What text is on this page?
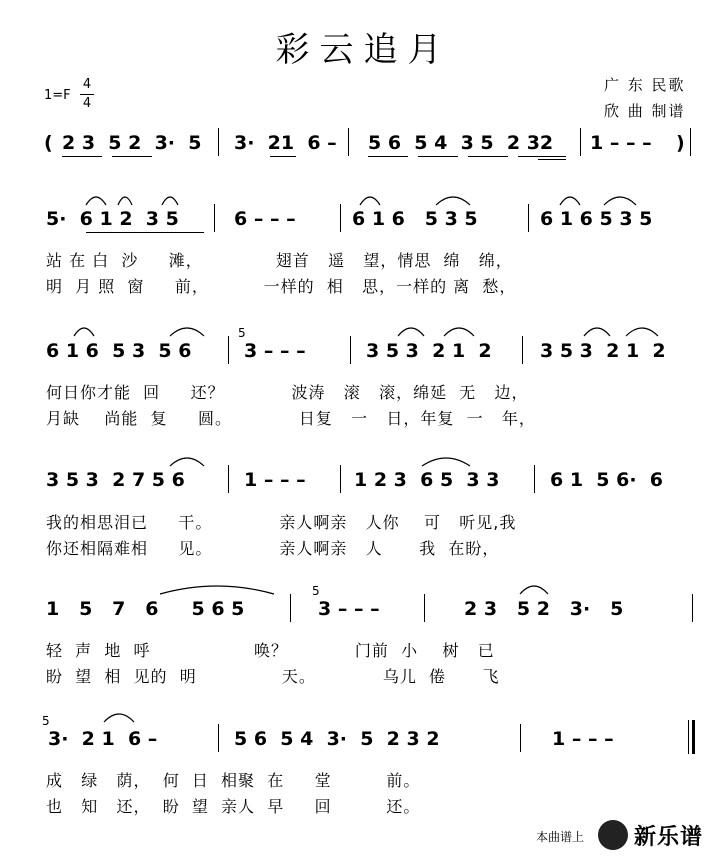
彩云追月
1=F
4
4
广 东 民歌
欣 曲 制谱
( 2 3  5 2  3·  5 3·  21  6 – 5 6  5 4  3 5  2 32 1 – – – )
5·  6 1 2  3 5	6 – – –	6 1 6   5 3 5	6 1 6 5 3 5
站 在 白  沙     滩，            翅首   遥   望，情思  绵   绵，
明  月 照  窗     前，         一样的  相   思，一样的 离  愁，
6 1 6  5 3  5 6
5
3 – – –	3 5 3  2 1  2	3 5 3  2 1  2
何日你才能  回     还？           波涛   滚   滚，绵延  无   边，
月缺    尚能  复     圆。           日复   一   日，年复  一   年，
3 5 3  2 7 5 6	1 – – –	1 2 3  6 5  3 3	6 1  5 6·  6
我的相思泪已     干。           亲人啊亲   人你    可   听见,我
你还相隔难相     见。           亲人啊亲   人      我  在盼，
1   5   7   6     5 6 5
5
3 – – –	2 3   5 2   3·   5
轻  声  地  呼                 唤？           门前  小    树   已
盼  望  相  见的  明              天。           乌儿  倦      飞
5
3·  2 1  6 –	5 6  5 4  3·  5  2 3 2	1 – – –
成   绿   荫，  何  日  相聚  在     堂         前。
也   知   还，  盼  望  亲人  早     回         还。
本曲谱上 新乐谱
